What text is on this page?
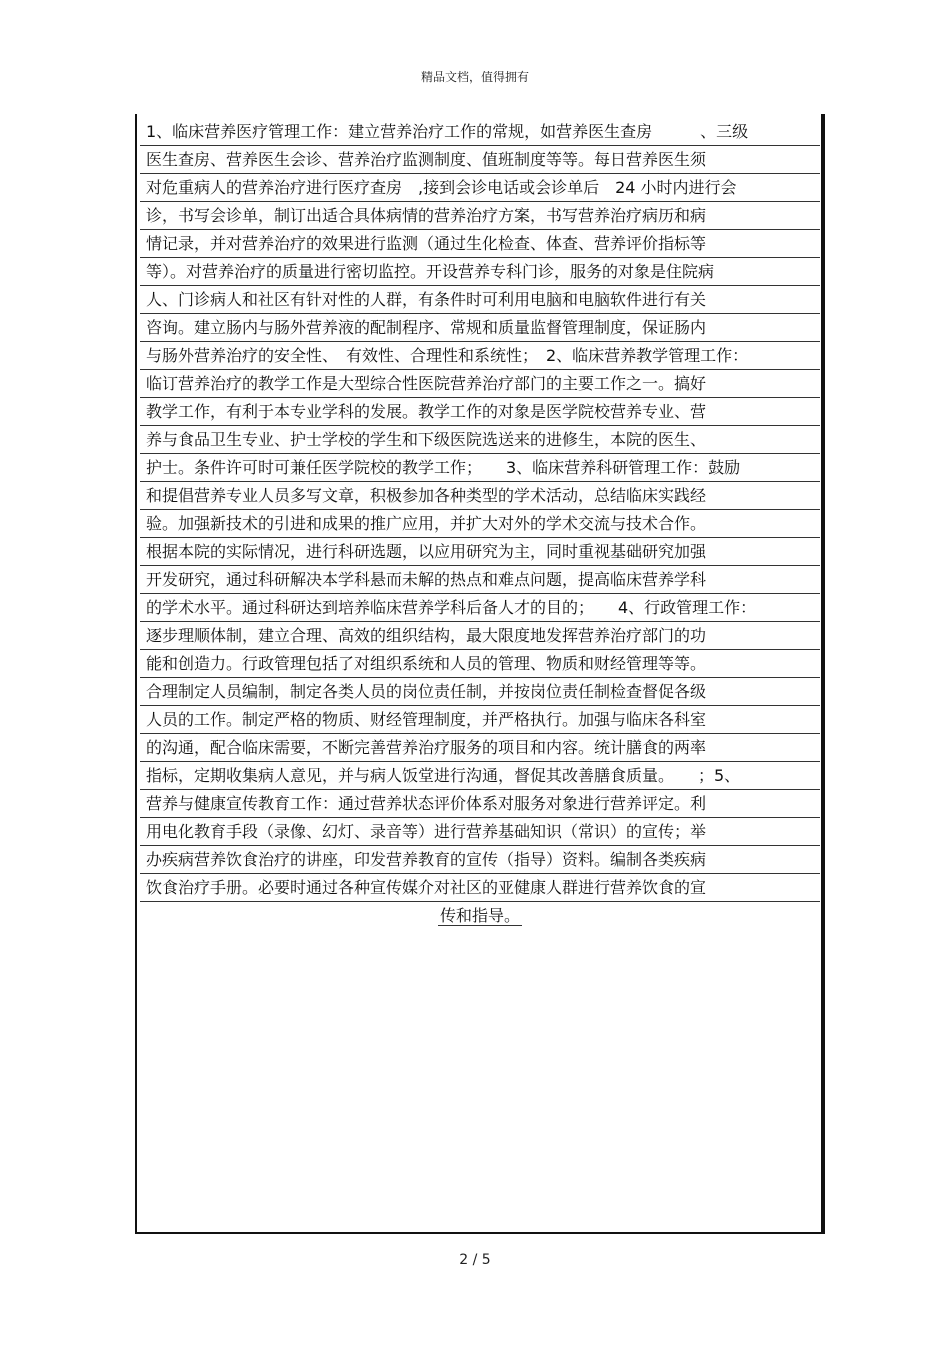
精品文档，值得拥有
1、临床营养医疗管理工作：建立营养治疗工作的常规，如营养医生查房　　　、三级
医生查房、营养医生会诊、营养治疗监测制度、值班制度等等。每日营养医生须
对危重病人的营养治疗进行医疗查房　,接到会诊电话或会诊单后　24 小时内进行会
诊，书写会诊单，制订出适合具体病情的营养治疗方案，书写营养治疗病历和病
情记录，并对营养治疗的效果进行监测（通过生化检查、体查、营养评价指标等
等）。对营养治疗的质量进行密切监控。开设营养专科门诊，服务的对象是住院病
人、门诊病人和社区有针对性的人群，有条件时可利用电脑和电脑软件进行有关
咨询。建立肠内与肠外营养液的配制程序、常规和质量监督管理制度，保证肠内
与肠外营养治疗的安全性、　有效性、合理性和系统性；　2、临床营养教学管理工作：
临订营养治疗的教学工作是大型综合性医院营养治疗部门的主要工作之一。搞好
教学工作，有利于本专业学科的发展。教学工作的对象是医学院校营养专业、营
养与食品卫生专业、护士学校的学生和下级医院选送来的进修生，本院的医生、
护士。条件许可时可兼任医学院校的教学工作；　　3、临床营养科研管理工作：鼓励
和提倡营养专业人员多写文章，积极参加各种类型的学术活动，总结临床实践经
验。加强新技术的引进和成果的推广应用，并扩大对外的学术交流与技术合作。
根据本院的实际情况，进行科研选题，以应用研究为主，同时重视基础研究加强
开发研究，通过科研解决本学科悬而未解的热点和难点问题，提高临床营养学科
的学术水平。通过科研达到培养临床营养学科后备人才的目的；　　4、行政管理工作：
逐步理顺体制，建立合理、高效的组织结构，最大限度地发挥营养治疗部门的功
能和创造力。行政管理包括了对组织系统和人员的管理、物质和财经管理等等。
合理制定人员编制，制定各类人员的岗位责任制，并按岗位责任制检查督促各级
人员的工作。制定严格的物质、财经管理制度，并严格执行。加强与临床各科室
的沟通，配合临床需要，不断完善营养治疗服务的项目和内容。统计膳食的两率
指标，定期收集病人意见，并与病人饭堂进行沟通，督促其改善膳食质量。　　；5、
营养与健康宣传教育工作：通过营养状态评价体系对服务对象进行营养评定。利
用电化教育手段（录像、幻灯、录音等）进行营养基础知识（常识）的宣传；举
办疾病营养饮食治疗的讲座，印发营养教育的宣传（指导）资料。编制各类疾病
饮食治疗手册。必要时通过各种宣传媒介对社区的亚健康人群进行营养饮食的宣
传和指导。
2 / 5
